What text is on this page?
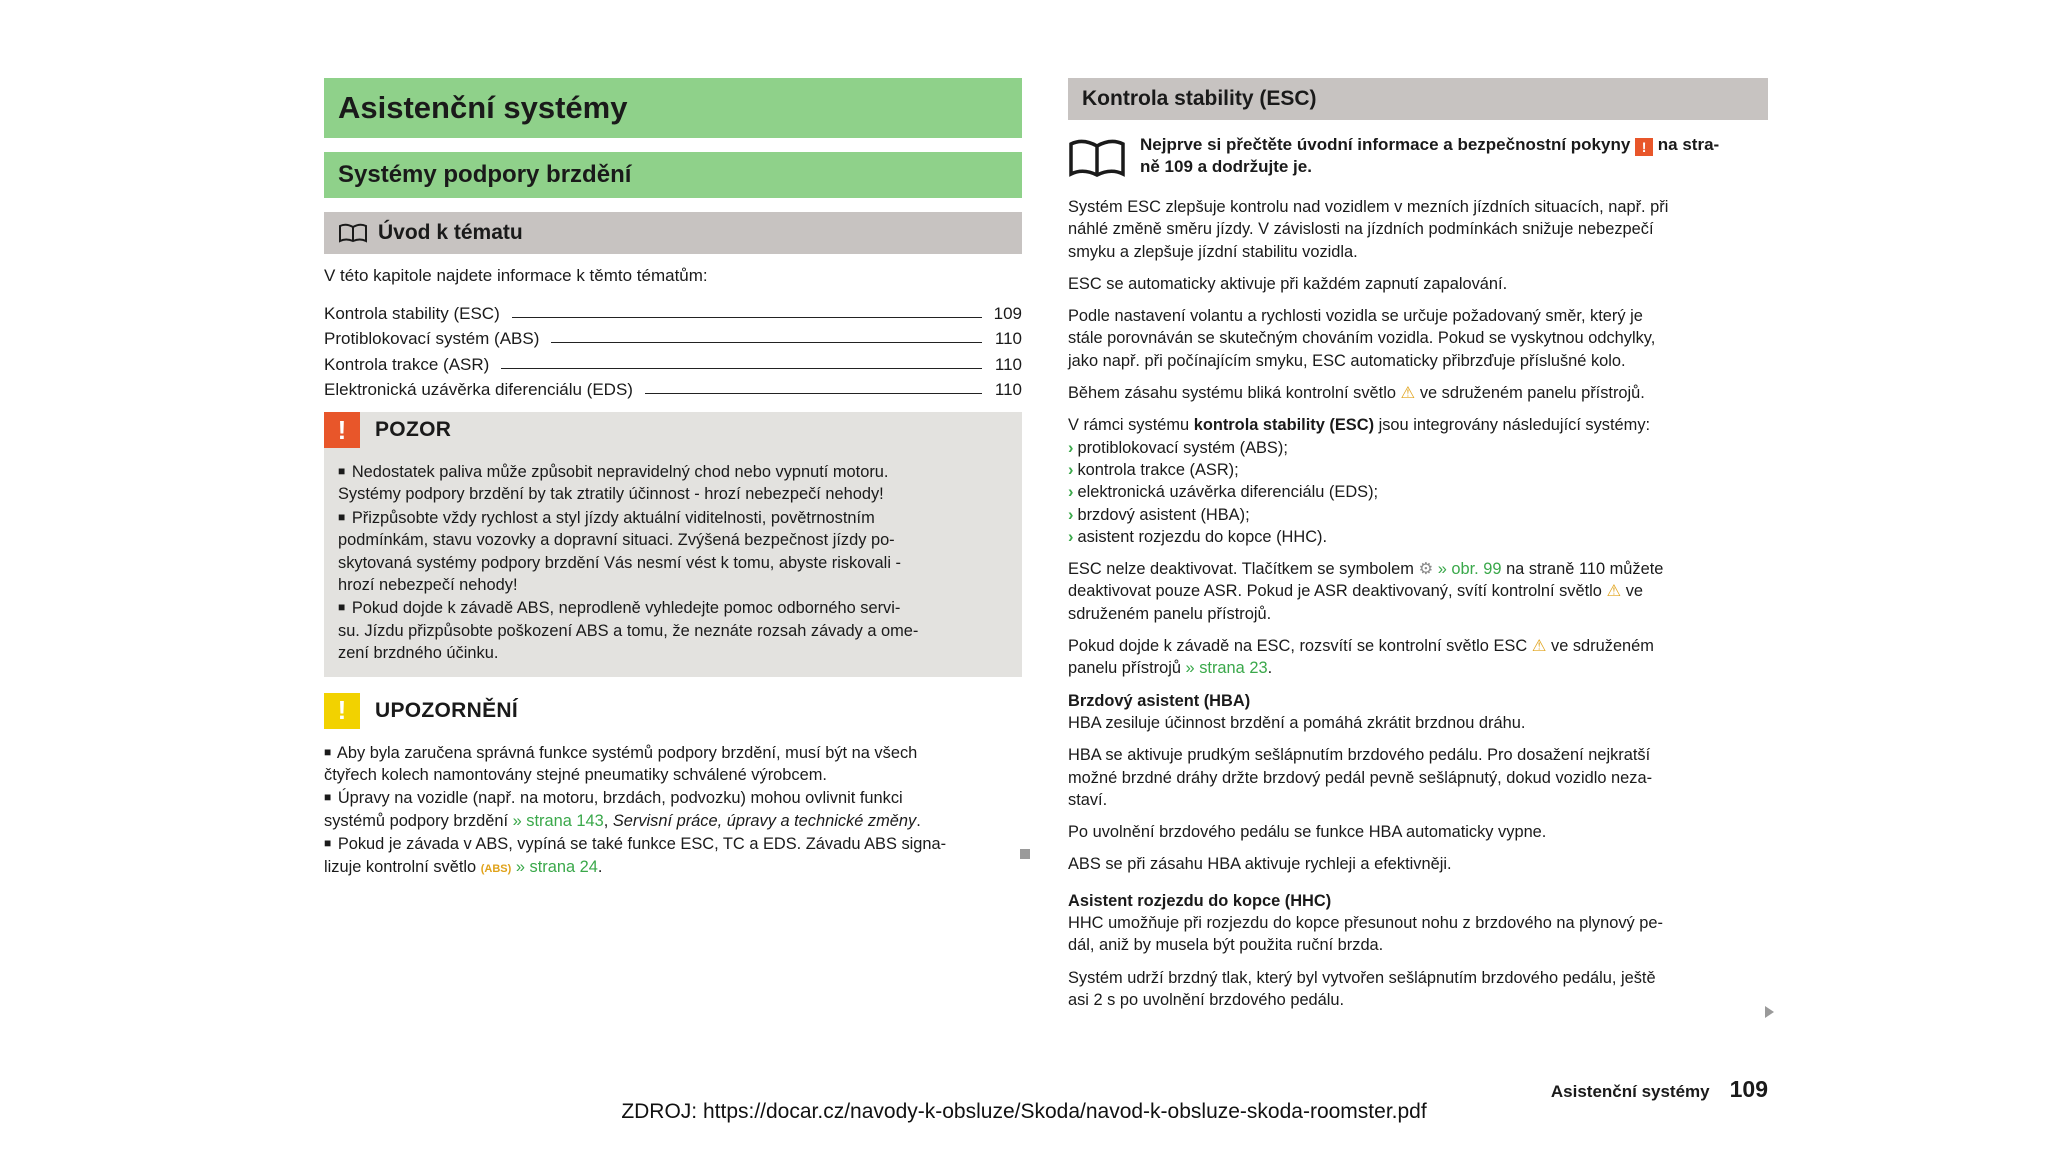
Asistenční systémy
Systémy podpory brzdění
Úvod k tématu
V této kapitole najdete informace k těmto tématům:
Kontrola stability (ESC)	109
Protiblokovací systém (ABS)	110
Kontrola trakce (ASR)	110
Elektronická uzávěrka diferenciálu (EDS)	110
!	POZOR
■ Nedostatek paliva může způsobit nepravidelný chod nebo vypnutí motoru.
Systémy podpory brzdění by tak ztratily účinnost - hrozí nebezpečí nehody!
■ Přizpůsobte vždy rychlost a styl jízdy aktuální viditelnosti, povětrnostním
podmínkám, stavu vozovky a dopravní situaci. Zvýšená bezpečnost jízdy po-
skytovaná systémy podpory brzdění Vás nesmí vést k tomu, abyste riskovali -
hrozí nebezpečí nehody!
■ Pokud dojde k závadě ABS, neprodleně vyhledejte pomoc odborného servi-
su. Jízdu přizpůsobte poškození ABS a tomu, že neznáte rozsah závady a ome-
zení brzdného účinku.
!	UPOZORNĚNÍ
■ Aby byla zaručena správná funkce systémů podpory brzdění, musí být na všech
čtyřech kolech namontovány stejné pneumatiky schválené výrobcem.
■ Úpravy na vozidle (např. na motoru, brzdách, podvozku) mohou ovlivnit funkci
systémů podpory brzdění » strana 143, Servisní práce, úpravy a technické změny.
■ Pokud je závada v ABS, vypíná se také funkce ESC, TC a EDS. Závadu ABS signa-
lizuje kontrolní světlo (ABS) » strana 24.
Kontrola stability (ESC)
Nejprve si přečtěte úvodní informace a bezpečnostní pokyny ! na stra-
ně 109 a dodržujte je.
Systém ESC zlepšuje kontrolu nad vozidlem v mezních jízdních situacích, např. při
náhlé změně směru jízdy. V závislosti na jízdních podmínkách snižuje nebezpečí
smyku a zlepšuje jízdní stabilitu vozidla.
ESC se automaticky aktivuje při každém zapnutí zapalování.
Podle nastavení volantu a rychlosti vozidla se určuje požadovaný směr, který je
stále porovnáván se skutečným chováním vozidla. Pokud se vyskytnou odchylky,
jako např. při počínajícím smyku, ESC automaticky přibrzďuje příslušné kolo.
Během zásahu systému bliká kontrolní světlo ⚠ ve sdruženém panelu přístrojů.
V rámci systému kontrola stability (ESC) jsou integrovány následující systémy:
› protiblokovací systém (ABS);
› kontrola trakce (ASR);
› elektronická uzávěrka diferenciálu (EDS);
› brzdový asistent (HBA);
› asistent rozjezdu do kopce (HHC).
ESC nelze deaktivovat. Tlačítkem se symbolem ⚙ » obr. 99 na straně 110 můžete
deaktivovat pouze ASR. Pokud je ASR deaktivovaný, svítí kontrolní světlo ⚠ ve
sdruženém panelu přístrojů.
Pokud dojde k závadě na ESC, rozsvítí se kontrolní světlo ESC ⚠ ve sdruženém
panelu přístrojů » strana 23.
Brzdový asistent (HBA)
HBA zesiluje účinnost brzdění a pomáhá zkrátit brzdnou dráhu.
HBA se aktivuje prudkým sešlápnutím brzdového pedálu. Pro dosažení nejkratší
možné brzdné dráhy držte brzdový pedál pevně sešlápnutý, dokud vozidlo neza-
staví.
Po uvolnění brzdového pedálu se funkce HBA automaticky vypne.
ABS se při zásahu HBA aktivuje rychleji a efektivněji.
Asistent rozjezdu do kopce (HHC)
HHC umožňuje při rozjezdu do kopce přesunout nohu z brzdového na plynový pe-
dál, aniž by musela být použita ruční brzda.
Systém udrží brzdný tlak, který byl vytvořen sešlápnutím brzdového pedálu, ještě
asi 2 s po uvolnění brzdového pedálu.
Asistenční systémy 109
ZDROJ: https://docar.cz/navody-k-obsluze/Skoda/navod-k-obsluze-skoda-roomster.pdf
